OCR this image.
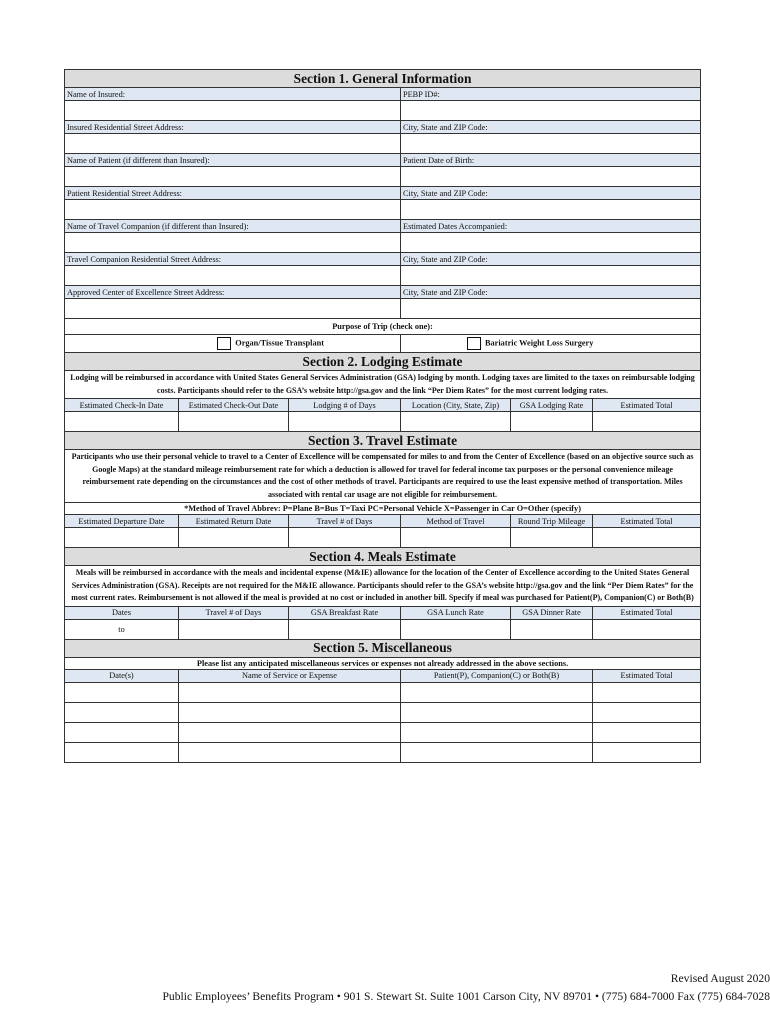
Section 1. General Information					
Name of Insured:			PEBP ID#:		

Insured Residential Street Address:			City, State and ZIP Code:		

Name of Patient (if different than Insured):			Patient Date of Birth:		

Patient Residential Street Address:			City, State and ZIP Code:		

Name of Travel Companion (if different than Insured):			Estimated Dates Accompanied:		

Travel Companion Residential Street Address:			City, State and ZIP Code:		

Approved Center of Excellence Street Address:			City, State and ZIP Code:		

Purpose of Trip (check one):					
Organ/Tissue Transplant			Bariatric Weight Loss Surgery		
Section 2. Lodging Estimate					
Lodging will be reimbursed in accordance with United States General Services Administration (GSA) lodging by month. Lodging taxes are limited to the taxes on reimbursable lodging costs. Participants should refer to the GSA’s website http://gsa.gov and the link “Per Diem Rates” for the most current lodging rates.					
Estimated Check-In Date	Estimated Check-Out Date	Lodging # of Days	Location (City, State, Zip)	GSA Lodging Rate	Estimated Total

Section 3. Travel Estimate					
Participants who use their personal vehicle to travel to a Center of Excellence will be compensated for miles to and from the Center of Excellence (based on an objective source such as Google Maps) at the standard mileage reimbursement rate for which a deduction is allowed for travel for federal income tax purposes or the personal convenience mileage reimbursement rate depending on the circumstances and the cost of other methods of travel. Participants are required to use the least expensive method of transportation. Miles associated with rental car usage are not eligible for reimbursement.					
*Method of Travel Abbrev: P=Plane B=Bus T=Taxi PC=Personal Vehicle X=Passenger in Car O=Other (specify)					
Estimated Departure Date	Estimated Return Date	Travel # of Days	Method of Travel	Round Trip Mileage	Estimated Total

Section 4. Meals Estimate					
Meals will be reimbursed in accordance with the meals and incidental expense (M&IE) allowance for the location of the Center of Excellence according to the United States General Services Administration (GSA). Receipts are not required for the M&IE allowance. Participants should refer to the GSA’s website http://gsa.gov and the link “Per Diem Rates” for the most current rates. Reimbursement is not allowed if the meal is provided at no cost or included in another bill. Specify if meal was purchased for Patient(P), Companion(C) or Both(B)					
Dates	Travel # of Days	GSA Breakfast Rate	GSA Lunch Rate	GSA Dinner Rate	Estimated Total
to					
Section 5. Miscellaneous					
Please list any anticipated miscellaneous services or expenses not already addressed in the above sections.					
Date(s)	Name of Service or Expense		Patient(P), Companion(C) or Both(B)		Estimated Total

Revised August 2020
Public Employees’ Benefits Program • 901 S. Stewart St. Suite 1001 Carson City, NV 89701 • (775) 684-7000 Fax (775) 684-7028
